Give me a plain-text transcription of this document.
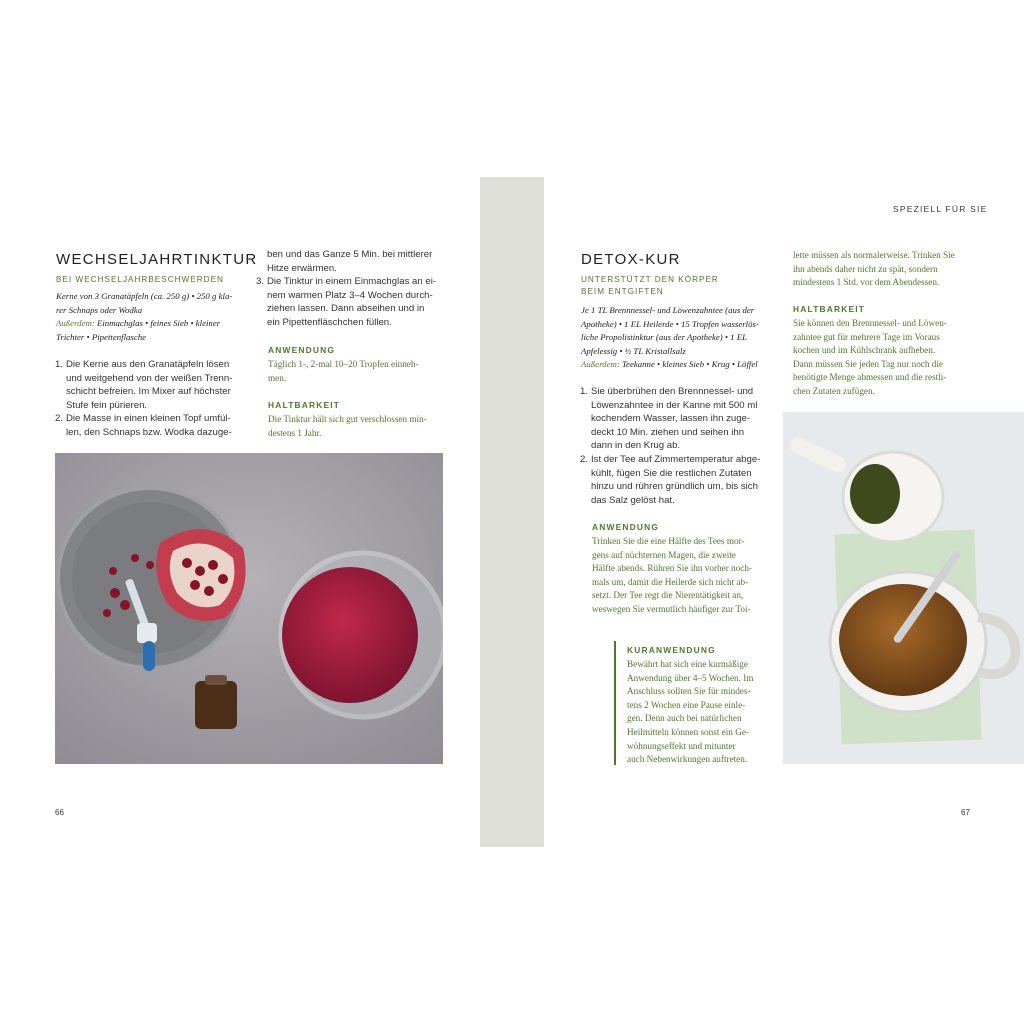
SPEZIELL FÜR SIE
WECHSELJAHRTINKTUR
BEI WECHSELJAHRBESCHWERDEN
Kerne von 3 Granatäpfeln (ca. 250 g) • 250 g kla-
rer Schnaps oder Wodka
Außerdem: Einmachglas • feines Sieb • kleiner
Trichter • Pipettenflasche
1. Die Kerne aus den Granatäpfeln lösen
und weitgehend von der weißen Trenn-
schicht befreien. Im Mixer auf höchster
Stufe fein pürieren.
2. Die Masse in einen kleinen Topf umfül-
len, den Schnaps bzw. Wodka dazuge-
ben und das Ganze 5 Min. bei mittlerer
Hitze erwärmen.
3. Die Tinktur in einem Einmachglas an ei-
nem warmen Platz 3–4 Wochen durch-
ziehen lassen. Dann abseihen und in
ein Pipettenfläschchen füllen.
ANWENDUNG
Täglich 1-, 2-mal 10–20 Tropfen einneh-
men.
HALTBARKEIT
Die Tinktur hält sich gut verschlossen min-
destens 1 Jahr.
66
DETOX-KUR
UNTERSTÜTZT DEN KÖRPER
BEIM ENTGIFTEN
Je 1 TL Brennnessel- und Löwenzahntee (aus der
Apotheke) • 1 EL Heilerde • 15 Tropfen wasserlös-
liche Propolistinktur (aus der Apotheke) • 1 EL
Apfelessig • ½ TL Kristallsalz
Außerdem: Teekanne • kleines Sieb • Krug • Löffel
1. Sie überbrühen den Brennnessel- und
Löwenzahntee in der Kanne mit 500 ml
kochendem Wasser, lassen ihn zuge-
deckt 10 Min. ziehen und seihen ihn
dann in den Krug ab.
2. Ist der Tee auf Zimmertemperatur abge-
kühlt, fügen Sie die restlichen Zutaten
hinzu und rühren gründlich um, bis sich
das Salz gelöst hat.
ANWENDUNG
Trinken Sie die eine Hälfte des Tees mor-
gens auf nüchternen Magen, die zweite
Hälfte abends. Rühren Sie ihn vorher noch-
mals um, damit die Heilerde sich nicht ab-
setzt. Der Tee regt die Nierentätigkeit an,
weswegen Sie vermutlich häufiger zur Toi-
KURANWENDUNG
Bewährt hat sich eine kurmäßige
Anwendung über 4–5 Wochen. Im
Anschluss sollten Sie für mindes-
tens 2 Wochen eine Pause einle-
gen. Denn auch bei natürlichen
Heilmitteln können sonst ein Ge-
wöhnungseffekt und mitunter
auch Nebenwirkungen auftreten.
lette müssen als normalerweise. Trinken Sie
ihn abends daher nicht zu spät, sondern
mindestens 1 Std. vor dem Abendessen.
HALTBARKEIT
Sie können den Brennnessel- und Löwen-
zahntee gut für mehrere Tage im Voraus
kochen und im Kühlschrank aufheben.
Dann müssen Sie jeden Tag nur noch die
benötigte Menge abmessen und die restli-
chen Zutaten zufügen.
67
